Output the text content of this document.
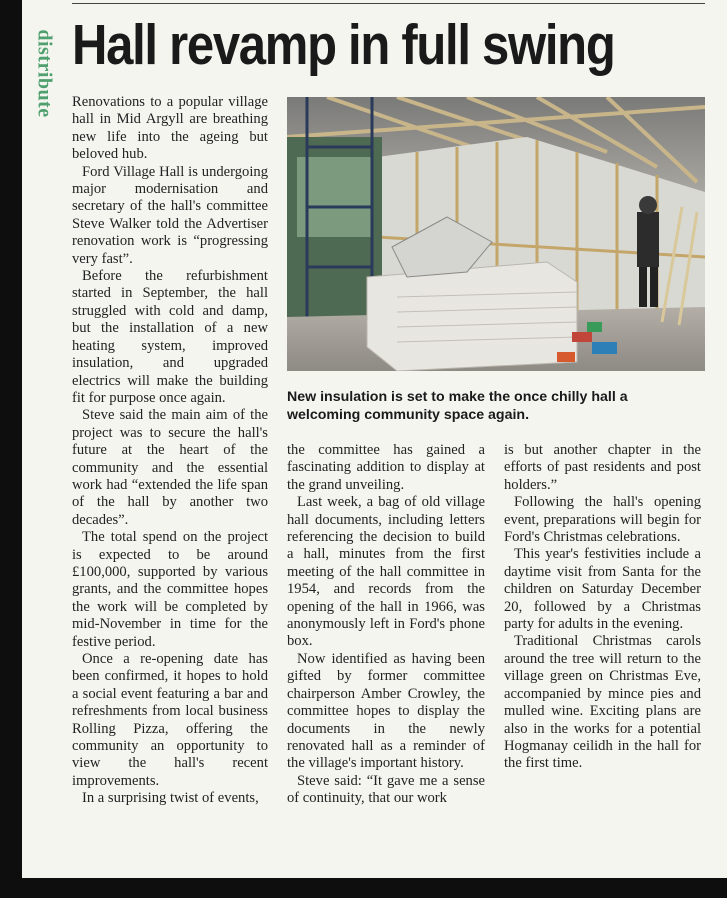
distribute Hall revamp in full swing

Renovations to a popular village hall in Mid Argyll are breathing new life into the ageing but beloved hub.

Ford Village Hall is undergoing major modernisation and secretary of the hall's committee Steve Walker told the Advertiser renovation work is “progressing very fast”.

Before the refurbishment started in September, the hall struggled with cold and damp, but the installation of a new heating system, improved insulation, and upgraded electrics will make the building fit for purpose once again.

Steve said the main aim of the project was to secure the hall's future at the heart of the community and the essential work had “extended the life span of the hall by another two decades”.

The total spend on the project is expected to be around £100,000, supported by various grants, and the committee hopes the work will be completed by mid-November in time for the festive period.

Once a re-opening date has been confirmed, it hopes to hold a social event featuring a bar and refreshments from local business Rolling Pizza, offering the community an opportunity to view the hall's recent improvements.

In a surprising twist of events,

New insulation is set to make the once chilly hall a welcoming community space again.

the committee has gained a fascinating addition to display at the grand unveiling.

Last week, a bag of old village hall documents, including letters referencing the decision to build a hall, minutes from the first meeting of the hall committee in 1954, and records from the opening of the hall in 1966, was anonymously left in Ford's phone box.

Now identified as having been gifted by former committee chairperson Amber Crowley, the committee hopes to display the documents in the newly renovated hall as a reminder of the village's important history.

Steve said: “It gave me a sense of continuity, that our work

is but another chapter in the efforts of past residents and post holders.”

Following the hall's opening event, preparations will begin for Ford's Christmas celebrations.

This year's festivities include a daytime visit from Santa for the children on Saturday December 20, followed by a Christmas party for adults in the evening.

Traditional Christmas carols around the tree will return to the village green on Christmas Eve, accompanied by mince pies and mulled wine. Exciting plans are also in the works for a potential Hogmanay ceilidh in the hall for the first time.
